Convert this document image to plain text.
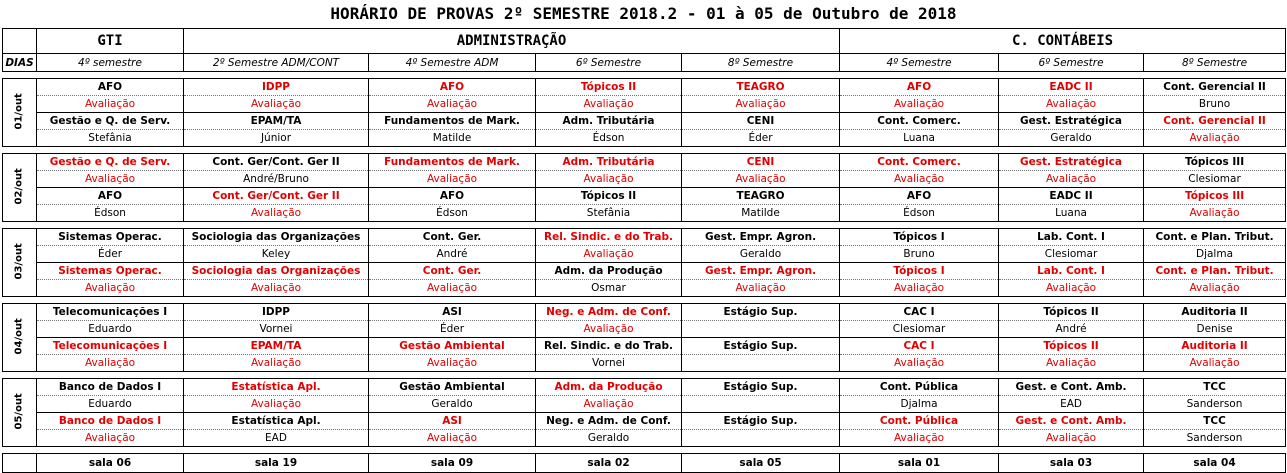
HORÁRIO DE PROVAS 2º SEMESTRE 2018.2 - 01 à 05 de Outubro de 2018
	GTI	ADMINISTRAÇÃO				C. CONTÁBEIS		
DIAS	4º semestre	2º Semestre ADM/CONT	4º Semestre ADM	6º Semestre	8º Semestre	4º Semestre	6º Semestre	8º Semestre

01/out	AFO	IDPP	AFO	Tópicos II	TEAGRO	AFO	EADC II	Cont. Gerencial II
	Avaliação	Avaliação	Avaliação	Avaliação	Avaliação	Avaliação	Avaliação	Bruno
	Gestão e Q. de Serv.	EPAM/TA	Fundamentos de Mark.	Adm. Tributária	CENI	Cont. Comerc.	Gest. Estratégica	Cont. Gerencial II
	Stefânia	Júnior	Matilde	Édson	Éder	Luana	Geraldo	Avaliação

02/out	Gestão e Q. de Serv.	Cont. Ger/Cont. Ger II	Fundamentos de Mark.	Adm. Tributária	CENI	Cont. Comerc.	Gest. Estratégica	Tópicos III
	Avaliação	André/Bruno	Avaliação	Avaliação	Avaliação	Avaliação	Avaliação	Clesiomar
	AFO	Cont. Ger/Cont. Ger II	AFO	Tópicos II	TEAGRO	AFO	EADC II	Tópicos III
	Édson	Avaliação	Édson	Stefânia	Matilde	Édson	Luana	Avaliação

03/out	Sistemas Operac.	Sociologia das Organizações	Cont. Ger.	Rel. Sindic. e do Trab.	Gest. Empr. Agron.	Tópicos I	Lab. Cont. I	Cont. e Plan. Tribut.
	Éder	Keley	André	Avaliação	Geraldo	Bruno	Clesiomar	Djalma
	Sistemas Operac.	Sociologia das Organizações	Cont. Ger.	Adm. da Produção	Gest. Empr. Agron.	Tópicos I	Lab. Cont. I	Cont. e Plan. Tribut.
	Avaliação	Avaliação	Avaliação	Osmar	Avaliação	Avaliação	Avaliação	Avaliação

04/out	Telecomunicações I	IDPP	ASI	Neg. e Adm. de Conf.	Estágio Sup.	CAC I	Tópicos II	Auditoria II
	Eduardo	Vornei	Éder	Avaliação		Clesiomar	André	Denise
	Telecomunicações I	EPAM/TA	Gestão Ambiental	Rel. Sindic. e do Trab.	Estágio Sup.	CAC I	Tópicos II	Auditoria II
	Avaliação	Avaliação	Avaliação	Vornei		Avaliação	Avaliação	Avaliação

05/out	Banco de Dados I	Estatística Apl.	Gestão Ambiental	Adm. da Produção	Estágio Sup.	Cont. Pública	Gest. e Cont. Amb.	TCC
	Eduardo	Avaliação	Geraldo	Avaliação		Djalma	EAD	Sanderson
	Banco de Dados I	Estatística Apl.	ASI	Neg. e Adm. de Conf.	Estágio Sup.	Cont. Pública	Gest. e Cont. Amb.	TCC
	Avaliação	EAD	Avaliação	Geraldo		Avaliação	Avaliação	Sanderson

	sala 06	sala 19	sala 09	sala 02	sala 05	sala 01	sala 03	sala 04
